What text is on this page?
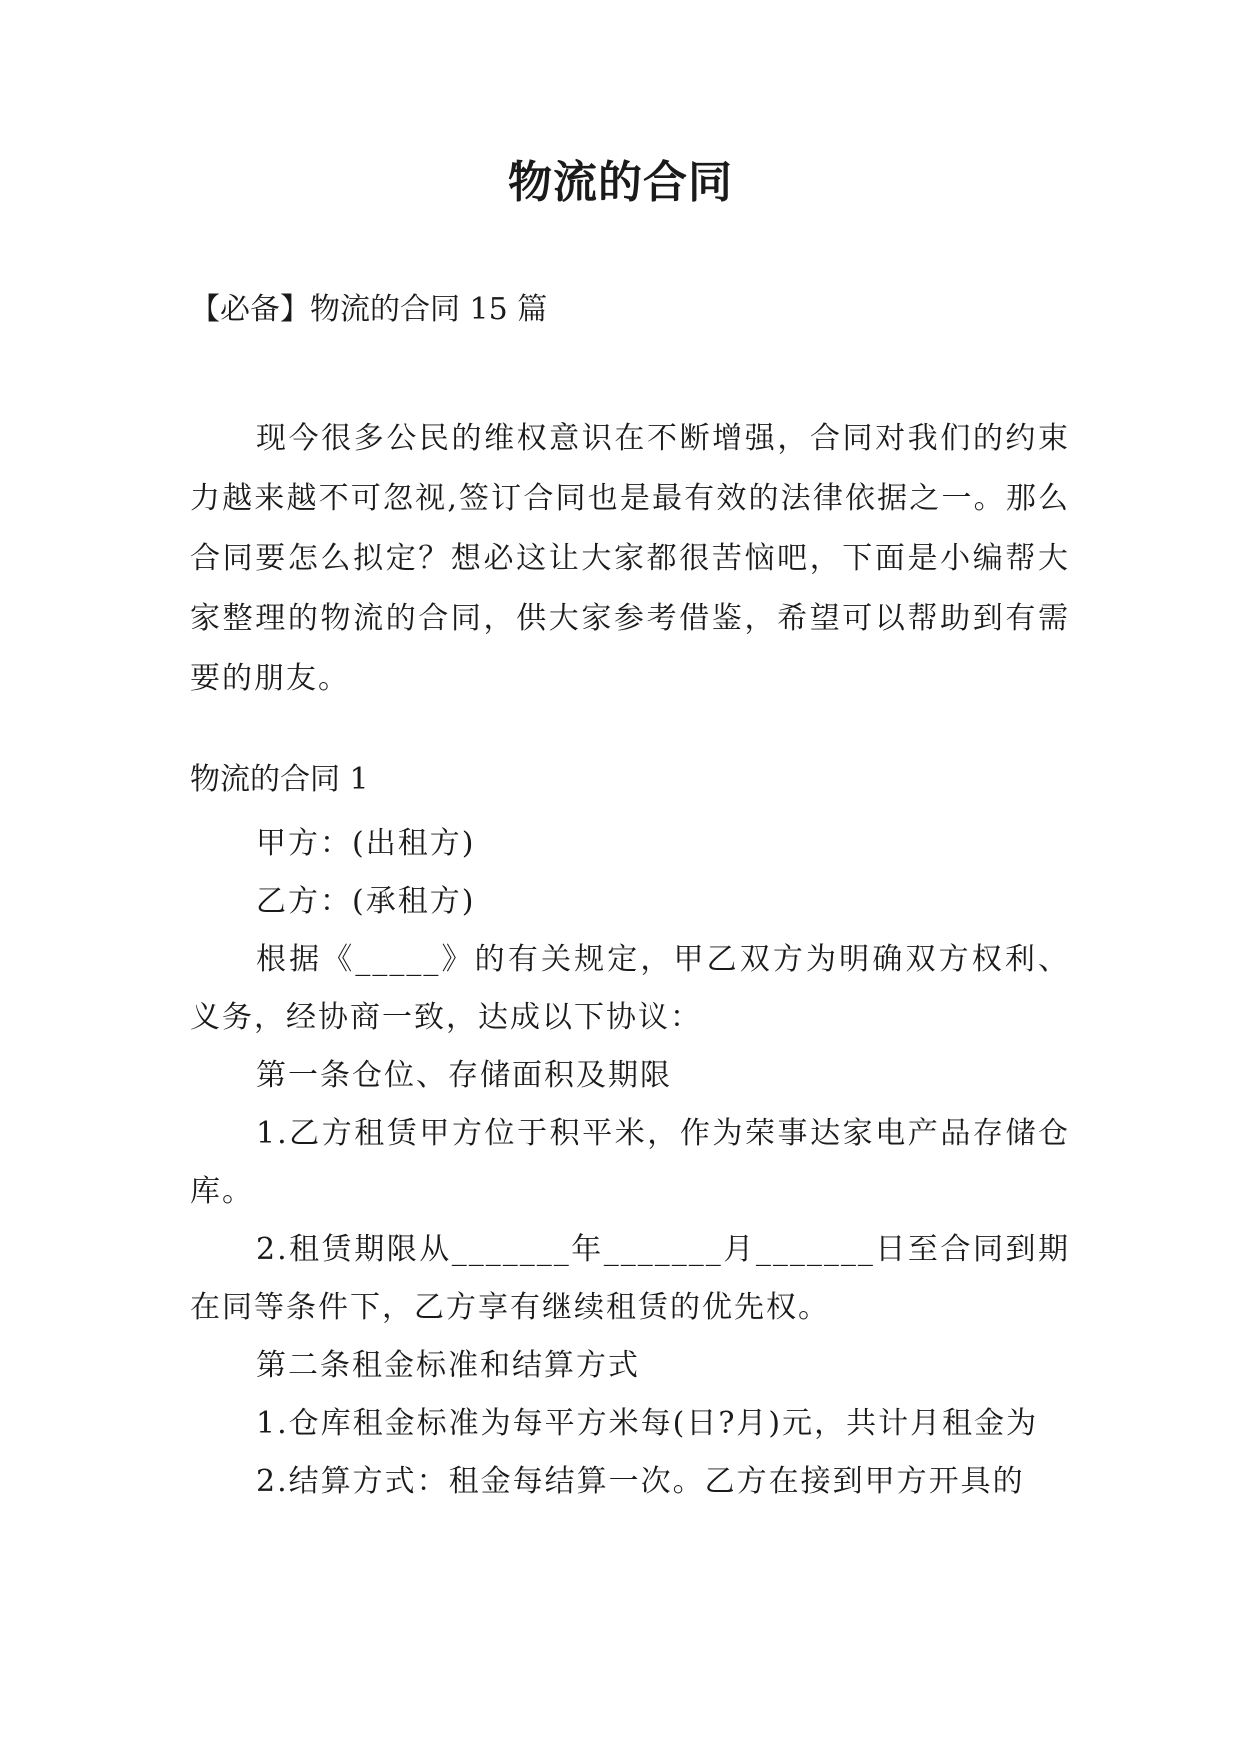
物流的合同
【必备】物流的合同 15 篇

现今很多公民的维权意识在不断增强，合同对我们的约束力越来越不可忽视,签订合同也是最有效的法律依据之一。那么合同要怎么拟定？想必这让大家都很苦恼吧，下面是小编帮大家整理的物流的合同，供大家参考借鉴，希望可以帮助到有需要的朋友。

物流的合同 1

甲方：(出租方)

乙方：(承租方)

根据《_____》的有关规定，甲乙双方为明确双方权利、义务，经协商一致，达成以下协议：

第一条仓位、存储面积及期限

1.乙方租赁甲方位于积平米，作为荣事达家电产品存储仓库。

2.租赁期限从_______年_______月_______日至合同到期在同等条件下，乙方享有继续租赁的优先权。

第二条租金标准和结算方式

1.仓库租金标准为每平方米每(日?月)元，共计月租金为

2.结算方式：租金每结算一次。乙方在接到甲方开具的
